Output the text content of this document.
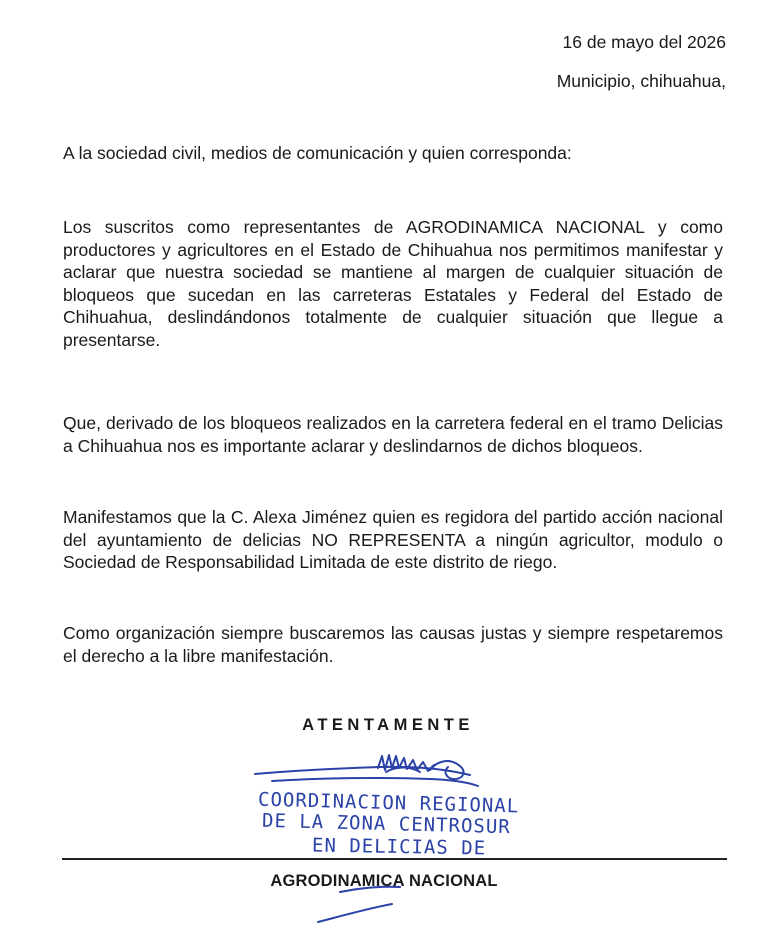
16 de mayo del 2026
Municipio, chihuahua,
A la sociedad civil, medios de comunicación y quien corresponda:
Los suscritos como representantes de AGRODINAMICA NACIONAL y como productores y agricultores en el Estado de Chihuahua nos permitimos manifestar y aclarar que nuestra sociedad se mantiene al margen de cualquier situación de bloqueos que sucedan en las carreteras Estatales y Federal del Estado de Chihuahua, deslindándonos totalmente de cualquier situación que llegue a presentarse.
Que, derivado de los bloqueos realizados en la carretera federal en el tramo Delicias a Chihuahua nos es importante aclarar y deslindarnos de dichos bloqueos.
Manifestamos que la C. Alexa Jiménez quien es regidora del partido acción nacional del ayuntamiento de delicias NO REPRESENTA a ningún agricultor, modulo o Sociedad de Responsabilidad Limitada de este distrito de riego.
Como organización siempre buscaremos las causas justas y siempre respetaremos el derecho a la libre manifestación.
ATENTAMENTE
COORDINACION REGIONAL
DE LA ZONA CENTROSUR
EN DELICIAS DE
AGRODINAMICA NACIONAL
